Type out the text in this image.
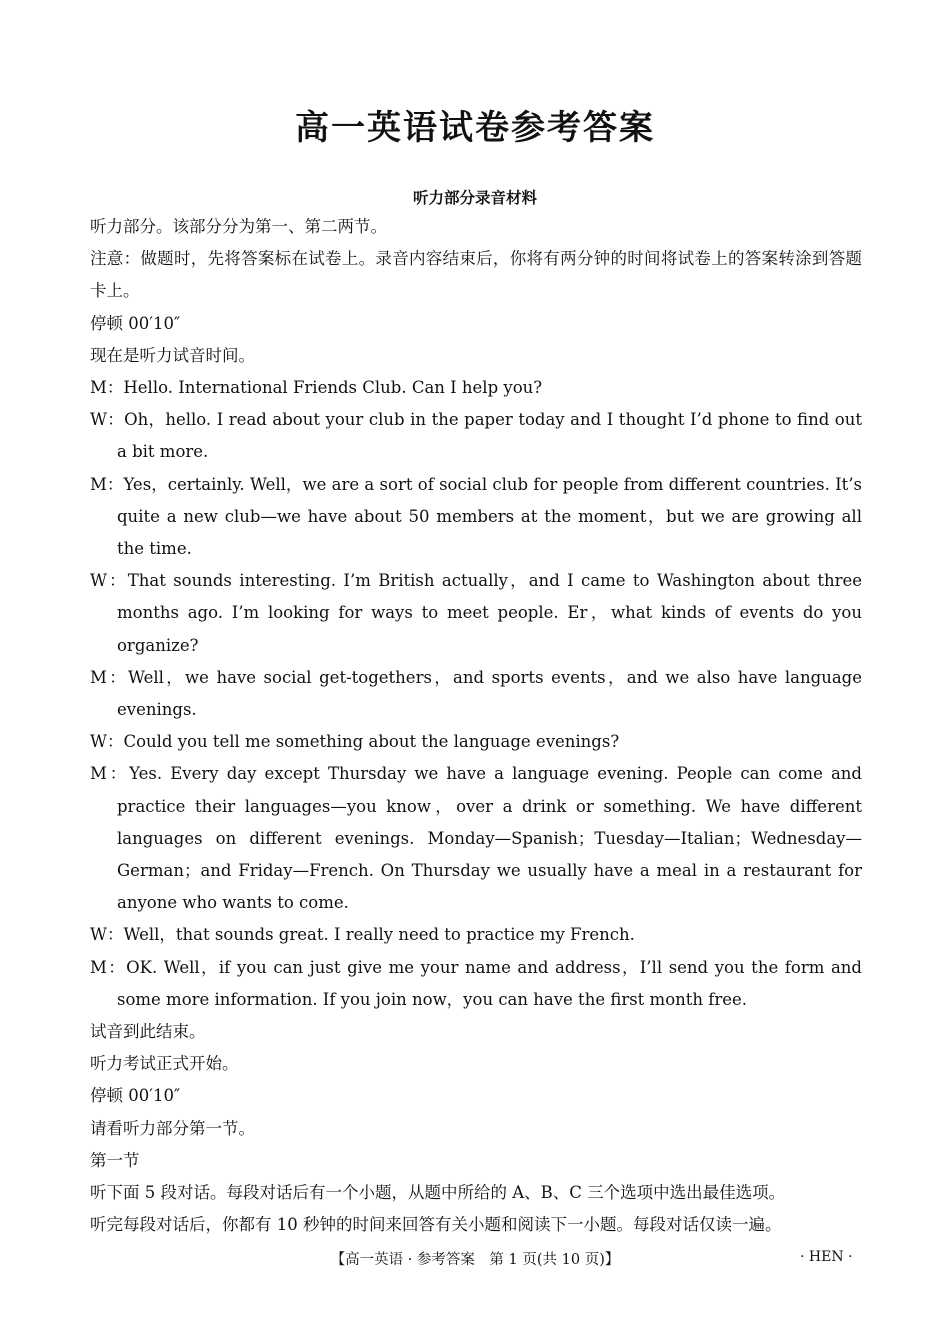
高一英语试卷参考答案
听力部分录音材料

听力部分。该部分分为第一、第二两节。

注意：做题时，先将答案标在试卷上。录音内容结束后，你将有两分钟的时间将试卷上的答案转涂到答题卡上。

停顿 00′10″

现在是听力试音时间。

M：Hello. International Friends Club. Can I help you?

W：Oh，hello. I read about your club in the paper today and I thought I’d phone to find out a bit more.

M：Yes，certainly. Well，we are a sort of social club for people from different countries. It’s quite a new club—we have about 50 members at the moment，but we are growing all the time.

W：That sounds interesting. I’m British actually，and I came to Washington about three months ago. I’m looking for ways to meet people. Er，what kinds of events do you organize?

M：Well，we have social get-togethers，and sports events，and we also have language evenings.

W：Could you tell me something about the language evenings?

M：Yes. Every day except Thursday we have a language evening. People can come and practice their languages—you know，over a drink or something. We have different languages on different evenings. Monday—Spanish；Tuesday—Italian；Wednesday—German；and Friday—French. On Thursday we usually have a meal in a restaurant for anyone who wants to come.

W：Well，that sounds great. I really need to practice my French.

M：OK. Well，if you can just give me your name and address，I’ll send you the form and some more information. If you join now，you can have the first month free.

试音到此结束。

听力考试正式开始。

停顿 00′10″

请看听力部分第一节。

第一节

听下面 5 段对话。每段对话后有一个小题，从题中所给的 A、B、C 三个选项中选出最佳选项。

听完每段对话后，你都有 10 秒钟的时间来回答有关小题和阅读下一小题。每段对话仅读一遍。

【高一英语 · 参考答案　第 1 页(共 10 页)】	· HEN ·
